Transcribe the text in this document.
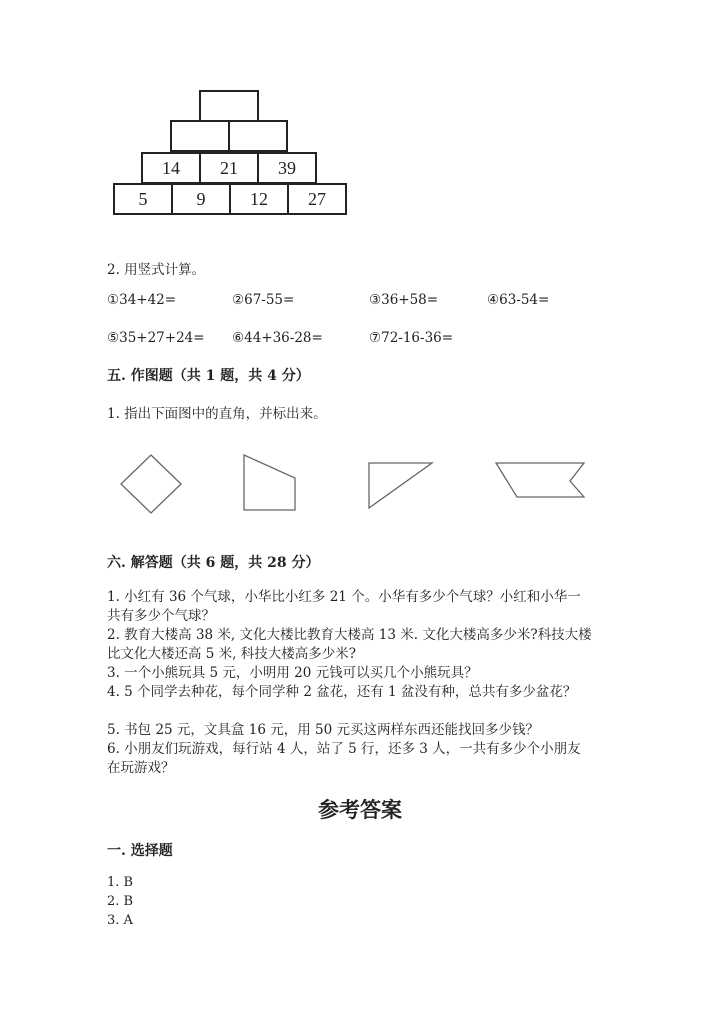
14	21	39
5	9	12	27
2. 用竖式计算。
①34+42=	②67-55=	③36+58=	④63-54=
⑤35+27+24= ⑥44+36-28=	⑦72-16-36=
五. 作图题（共 1 题，共 4 分）
1. 指出下面图中的直角，并标出来。
六. 解答题（共 6 题，共 28 分）
1. 小红有 36 个气球，小华比小红多 21 个。小华有多少个气球？小红和小华一
共有多少个气球？
2. 教育大楼高 38 米, 文化大楼比教育大楼高 13 米. 文化大楼高多少米?科技大楼
比文化大楼还高 5 米, 科技大楼高多少米?
3. 一个小熊玩具 5 元，小明用 20 元钱可以买几个小熊玩具？
4. 5 个同学去种花，每个同学种 2 盆花，还有 1 盆没有种，总共有多少盆花？
5. 书包 25 元，文具盒 16 元，用 50 元买这两样东西还能找回多少钱？
6. 小朋友们玩游戏，每行站 4 人，站了 5 行，还多 3 人，一共有多少个小朋友
在玩游戏？
参考答案
一. 选择题
1. B
2. B
3. A
